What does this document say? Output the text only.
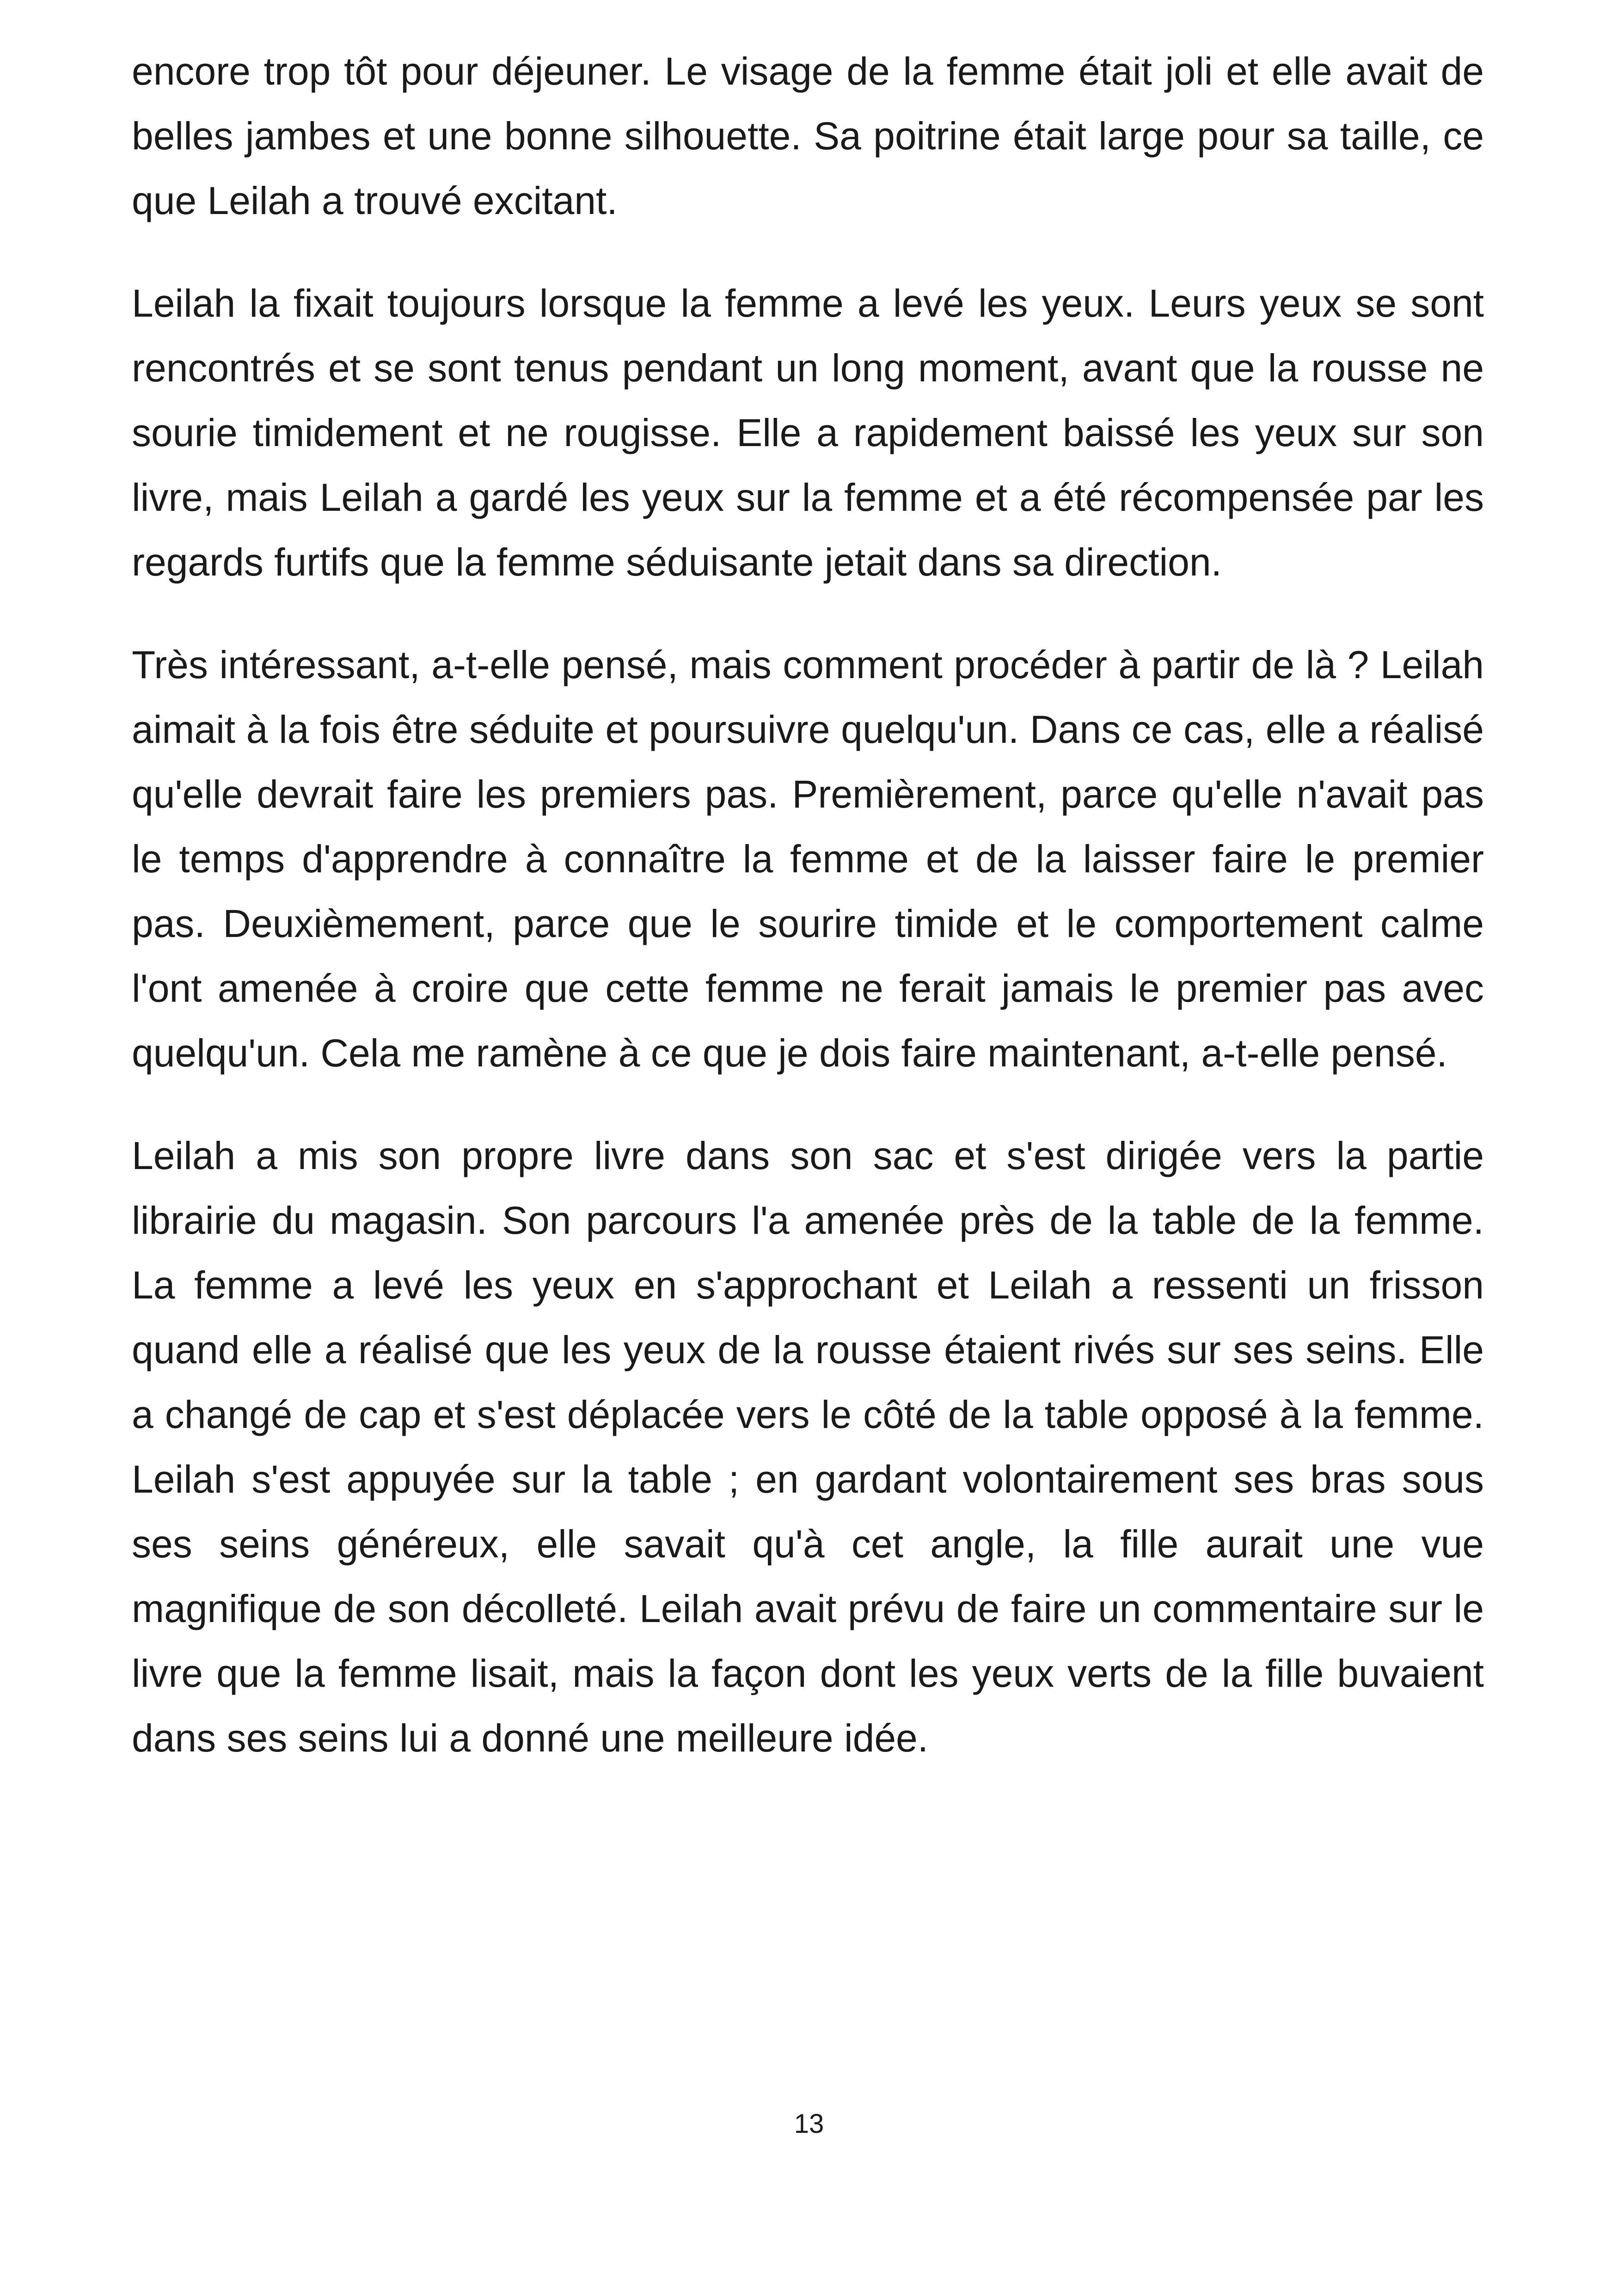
encore trop tôt pour déjeuner. Le visage de la femme était joli et elle avait de belles jambes et une bonne silhouette. Sa poitrine était large pour sa taille, ce que Leilah a trouvé excitant.

Leilah la fixait toujours lorsque la femme a levé les yeux. Leurs yeux se sont rencontrés et se sont tenus pendant un long moment, avant que la rousse ne sourie timidement et ne rougisse. Elle a rapidement baissé les yeux sur son livre, mais Leilah a gardé les yeux sur la femme et a été récompensée par les regards furtifs que la femme séduisante jetait dans sa direction.

Très intéressant, a-t-elle pensé, mais comment procéder à partir de là ? Leilah aimait à la fois être séduite et poursuivre quelqu'un. Dans ce cas, elle a réalisé qu'elle devrait faire les premiers pas. Premièrement, parce qu'elle n'avait pas le temps d'apprendre à connaître la femme et de la laisser faire le premier pas. Deuxièmement, parce que le sourire timide et le comportement calme l'ont amenée à croire que cette femme ne ferait jamais le premier pas avec quelqu'un. Cela me ramène à ce que je dois faire maintenant, a-t-elle pensé.

Leilah a mis son propre livre dans son sac et s'est dirigée vers la partie librairie du magasin. Son parcours l'a amenée près de la table de la femme. La femme a levé les yeux en s'approchant et Leilah a ressenti un frisson quand elle a réalisé que les yeux de la rousse étaient rivés sur ses seins. Elle a changé de cap et s'est déplacée vers le côté de la table opposé à la femme. Leilah s'est appuyée sur la table ; en gardant volontairement ses bras sous ses seins généreux, elle savait qu'à cet angle, la fille aurait une vue magnifique de son décolleté. Leilah avait prévu de faire un commentaire sur le livre que la femme lisait, mais la façon dont les yeux verts de la fille buvaient dans ses seins lui a donné une meilleure idée.

13
